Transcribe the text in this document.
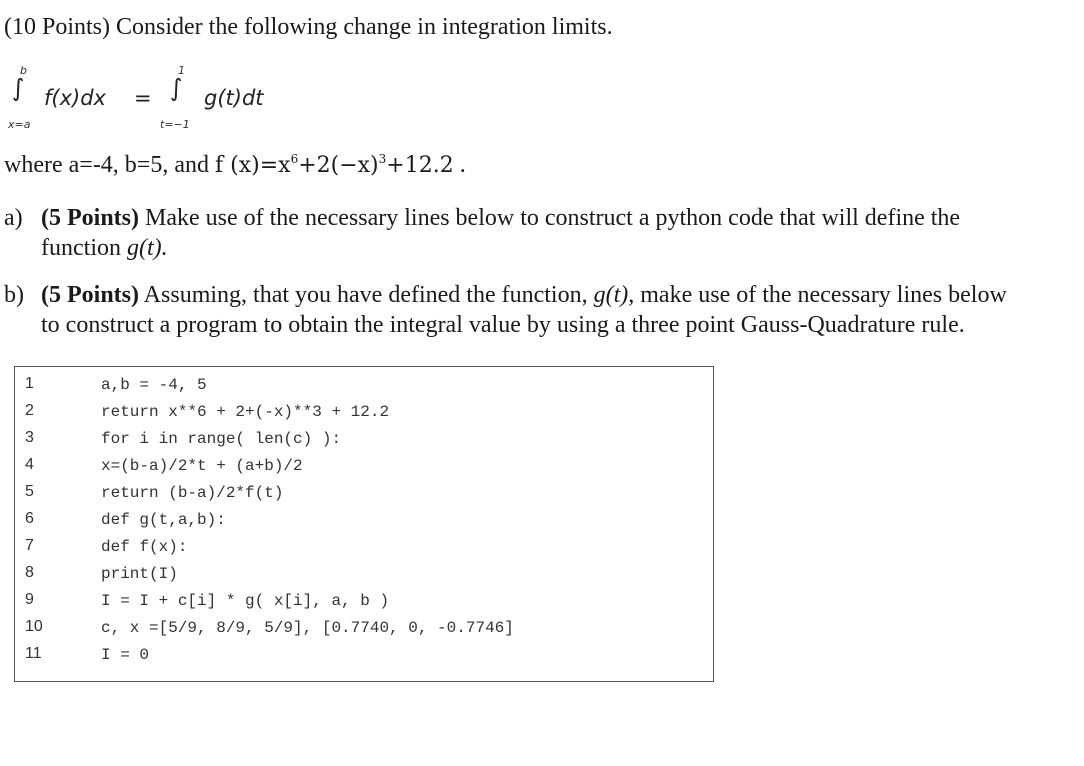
(10 Points) Consider the following change in integration limits.
b
∫ f(x)dx
x=a
=
1
∫ g(t)dt
t=−1
where a=-4, b=5, and f $(x)=x^6+2(-x)^3+12.2$ .
a) (5 Points) Make use of the necessary lines below to construct a python code that will define the
function g(t).
b) (5 Points) Assuming, that you have defined the function, g(t), make use of the necessary lines below
to construct a program to obtain the integral value by using a three point Gauss-Quadrature rule.
1	a,b = -4, 5
2	return x**6 + 2+(-x)**3 + 12.2
3	for i in range( len(c) ):
4	x=(b-a)/2*t + (a+b)/2
5	return (b-a)/2*f(t)
6	def g(t,a,b):
7	def f(x):
8	print(I)
9	I = I + c[i] * g( x[i], a, b )
10	c, x =[5/9, 8/9, 5/9], [0.7740, 0, -0.7746]
11	I = 0
